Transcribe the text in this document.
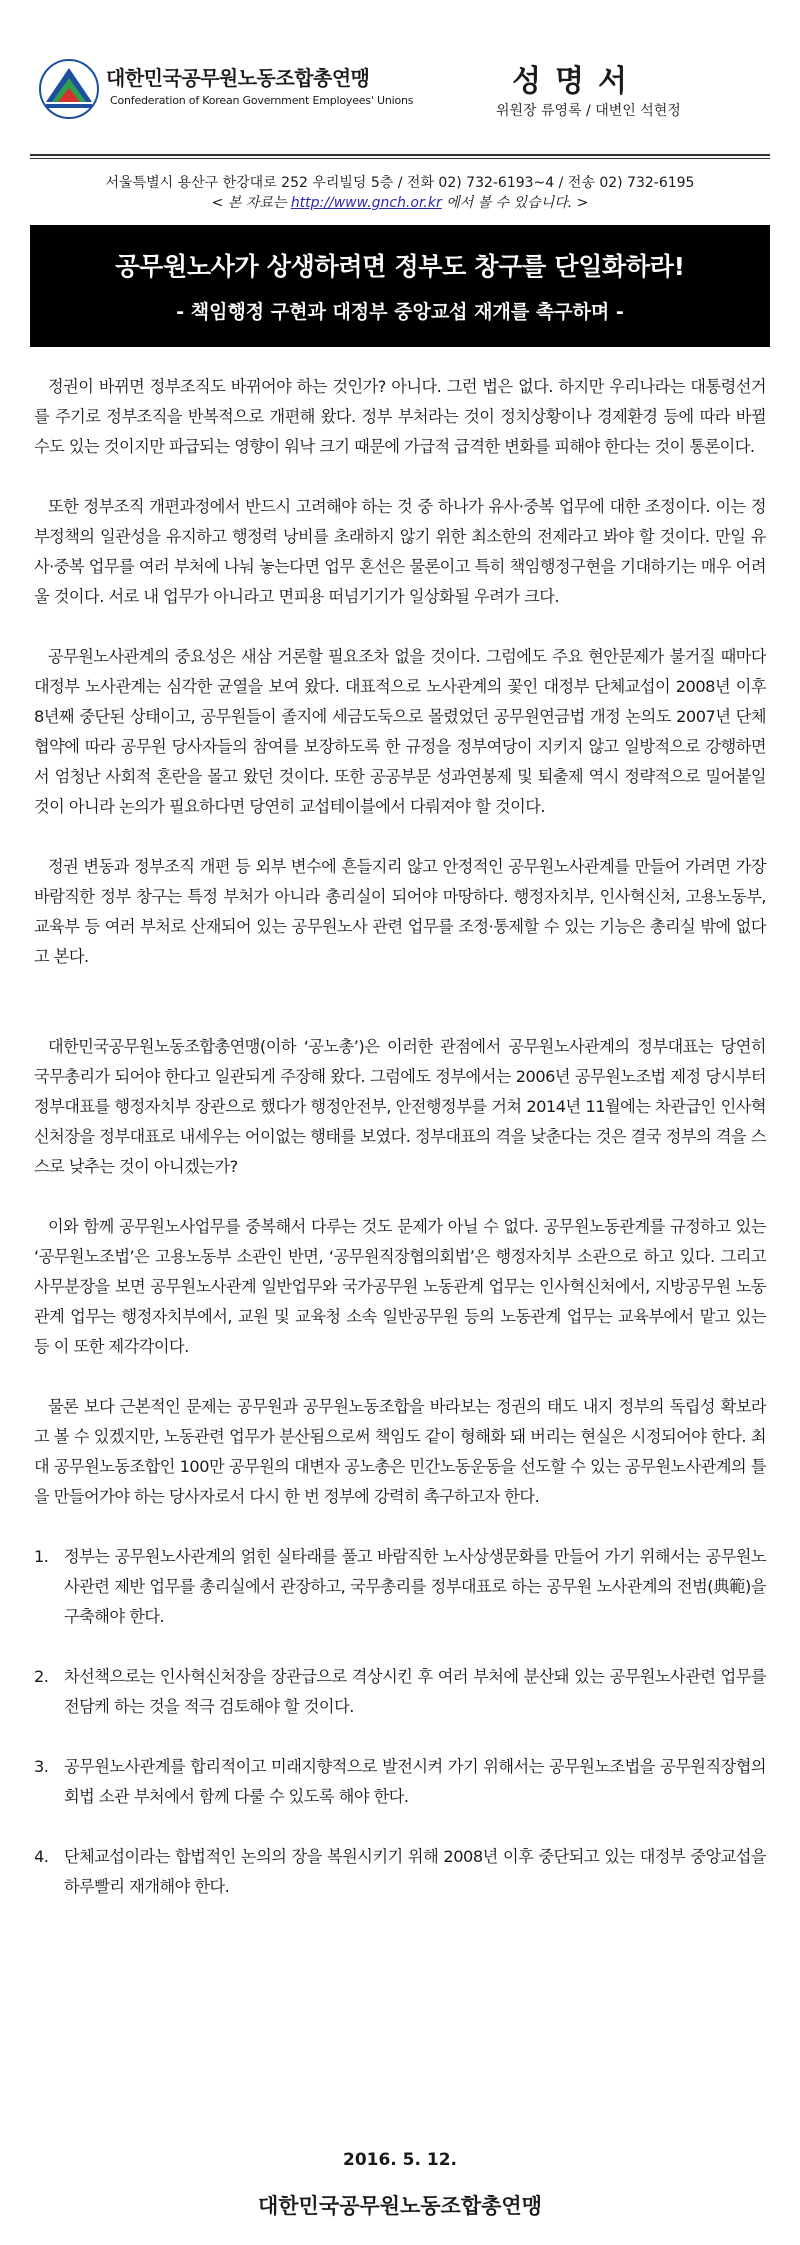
대한민국공무원노동조합총연맹
Confederation of Korean Government Employees' Unions
성명서
위원장 류영록 / 대변인 석현정
서울특별시 용산구 한강대로 252 우리빌딩 5층 / 전화 02) 732-6193~4 / 전송 02) 732-6195
< 본 자료는 http://www.gnch.or.kr 에서 볼 수 있습니다. >
공무원노사가 상생하려면 정부도 창구를 단일화하라!
- 책임행정 구현과 대정부 중앙교섭 재개를 촉구하며 -

정권이 바뀌면 정부조직도 바뀌어야 하는 것인가? 아니다. 그런 법은 없다. 하지만 우리나라는 대통령선거를 주기로 정부조직을 반복적으로 개편해 왔다. 정부 부처라는 것이 정치상황이나 경제환경 등에 따라 바뀔 수도 있는 것이지만 파급되는 영향이 워낙 크기 때문에 가급적 급격한 변화를 피해야 한다는 것이 통론이다.

또한 정부조직 개편과정에서 반드시 고려해야 하는 것 중 하나가 유사·중복 업무에 대한 조정이다. 이는 정부정책의 일관성을 유지하고 행정력 낭비를 초래하지 않기 위한 최소한의 전제라고 봐야 할 것이다. 만일 유사·중복 업무를 여러 부처에 나눠 놓는다면 업무 혼선은 물론이고 특히 책임행정구현을 기대하기는 매우 어려울 것이다. 서로 내 업무가 아니라고 면피용 떠넘기기가 일상화될 우려가 크다.

공무원노사관계의 중요성은 새삼 거론할 필요조차 없을 것이다. 그럼에도 주요 현안문제가 불거질 때마다 대정부 노사관계는 심각한 균열을 보여 왔다. 대표적으로 노사관계의 꽃인 대정부 단체교섭이 2008년 이후 8년째 중단된 상태이고, 공무원들이 졸지에 세금도둑으로 몰렸었던 공무원연금법 개정 논의도 2007년 단체협약에 따라 공무원 당사자들의 참여를 보장하도록 한 규정을 정부여당이 지키지 않고 일방적으로 강행하면서 엄청난 사회적 혼란을 몰고 왔던 것이다. 또한 공공부문 성과연봉제 및 퇴출제 역시 정략적으로 밀어붙일 것이 아니라 논의가 필요하다면 당연히 교섭테이블에서 다뤄져야 할 것이다.

정권 변동과 정부조직 개편 등 외부 변수에 흔들지리 않고 안정적인 공무원노사관계를 만들어 가려면 가장 바람직한 정부 창구는 특정 부처가 아니라 총리실이 되어야 마땅하다. 행정자치부, 인사혁신처, 고용노동부, 교육부 등 여러 부처로 산재되어 있는 공무원노사 관련 업무를 조정·통제할 수 있는 기능은 총리실 밖에 없다고 본다.

대한민국공무원노동조합총연맹(이하 ‘공노총’)은 이러한 관점에서 공무원노사관계의 정부대표는 당연히 국무총리가 되어야 한다고 일관되게 주장해 왔다. 그럼에도 정부에서는 2006년 공무원노조법 제정 당시부터 정부대표를 행정자치부 장관으로 했다가 행정안전부, 안전행정부를 거쳐 2014년 11월에는 차관급인 인사혁신처장을 정부대표로 내세우는 어이없는 행태를 보였다. 정부대표의 격을 낮춘다는 것은 결국 정부의 격을 스스로 낮추는 것이 아니겠는가?

이와 함께 공무원노사업무를 중복해서 다루는 것도 문제가 아닐 수 없다. 공무원노동관계를 규정하고 있는 ‘공무원노조법’은 고용노동부 소관인 반면, ‘공무원직장협의회법’은 행정자치부 소관으로 하고 있다. 그리고 사무분장을 보면 공무원노사관계 일반업무와 국가공무원 노동관계 업무는 인사혁신처에서, 지방공무원 노동관계 업무는 행정자치부에서, 교원 및 교육청 소속 일반공무원 등의 노동관계 업무는 교육부에서 맡고 있는 등 이 또한 제각각이다.

물론 보다 근본적인 문제는 공무원과 공무원노동조합을 바라보는 정권의 태도 내지 정부의 독립성 확보라고 볼 수 있겠지만, 노동관련 업무가 분산됨으로써 책임도 같이 형해화 돼 버리는 현실은 시정되어야 한다. 최대 공무원노동조합인 100만 공무원의 대변자 공노총은 민간노동운동을 선도할 수 있는 공무원노사관계의 틀을 만들어가야 하는 당사자로서 다시 한 번 정부에 강력히 촉구하고자 한다.

1. 정부는 공무원노사관계의 얽힌 실타래를 풀고 바람직한 노사상생문화를 만들어 가기 위해서는 공무원노사관련 제반 업무를 총리실에서 관장하고, 국무총리를 정부대표로 하는 공무원 노사관계의 전범(典範)을 구축해야 한다.
2. 차선책으로는 인사혁신처장을 장관급으로 격상시킨 후 여러 부처에 분산돼 있는 공무원노사관련 업무를 전담케 하는 것을 적극 검토해야 할 것이다.
3. 공무원노사관계를 합리적이고 미래지향적으로 발전시켜 가기 위해서는 공무원노조법을 공무원직장협의회법 소관 부처에서 함께 다룰 수 있도록 해야 한다.
4. 단체교섭이라는 합법적인 논의의 장을 복원시키기 위해 2008년 이후 중단되고 있는 대정부 중앙교섭을 하루빨리 재개해야 한다.
2016. 5. 12.
대한민국공무원노동조합총연맹
